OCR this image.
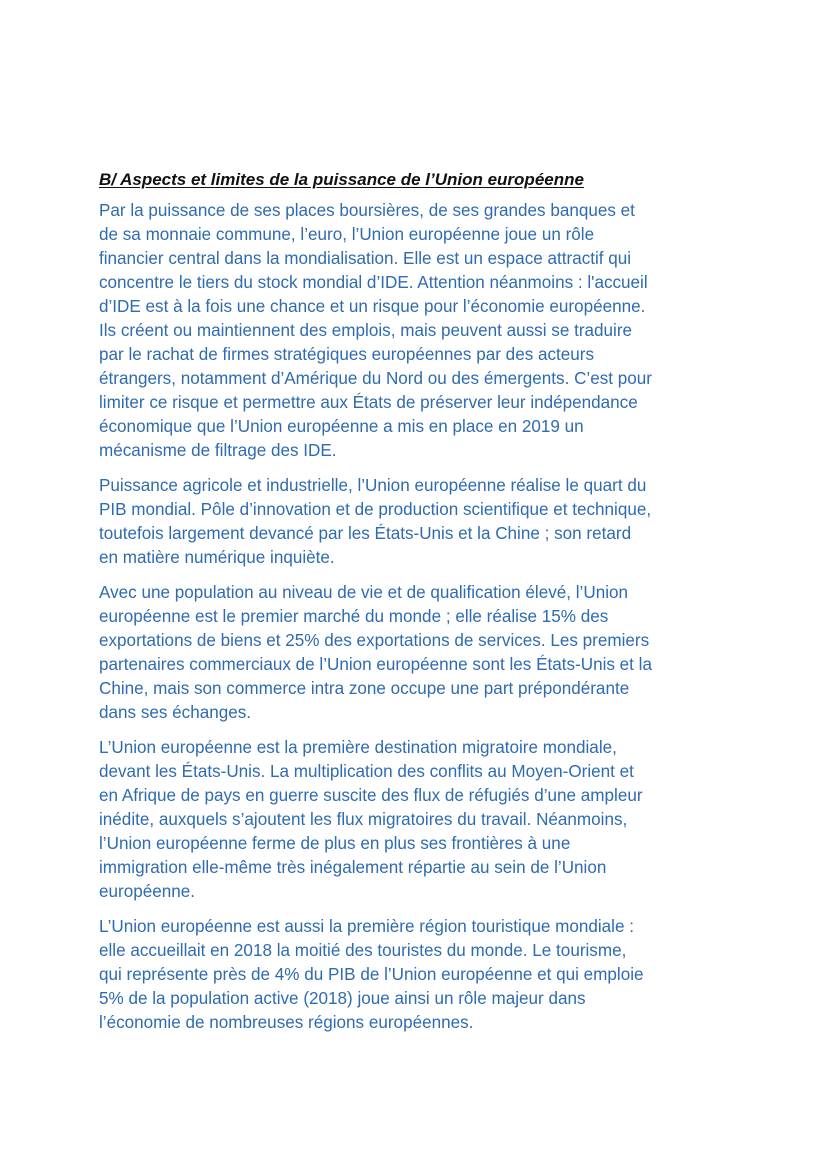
B/ Aspects et limites de la puissance de l’Union européenne

Par la puissance de ses places boursières, de ses grandes banques et
de sa monnaie commune, l’euro, l’Union européenne joue un rôle
financier central dans la mondialisation. Elle est un espace attractif qui
concentre le tiers du stock mondial d’IDE. Attention néanmoins : l'accueil
d’IDE est à la fois une chance et un risque pour l’économie européenne.
Ils créent ou maintiennent des emplois, mais peuvent aussi se traduire
par le rachat de firmes stratégiques européennes par des acteurs
étrangers, notamment d’Amérique du Nord ou des émergents. C’est pour
limiter ce risque et permettre aux États de préserver leur indépendance
économique que l’Union européenne a mis en place en 2019 un
mécanisme de filtrage des IDE.

Puissance agricole et industrielle, l’Union européenne réalise le quart du
PIB mondial. Pôle d’innovation et de production scientifique et technique,
toutefois largement devancé par les États-Unis et la Chine ; son retard
en matière numérique inquiète.

Avec une population au niveau de vie et de qualification élevé, l’Union
européenne est le premier marché du monde ; elle réalise 15% des
exportations de biens et 25% des exportations de services. Les premiers
partenaires commerciaux de l’Union européenne sont les États-Unis et la
Chine, mais son commerce intra zone occupe une part prépondérante
dans ses échanges.

L’Union européenne est la première destination migratoire mondiale,
devant les États-Unis. La multiplication des conflits au Moyen-Orient et
en Afrique de pays en guerre suscite des flux de réfugiés d’une ampleur
inédite, auxquels s’ajoutent les flux migratoires du travail. Néanmoins,
l’Union européenne ferme de plus en plus ses frontières à une
immigration elle-même très inégalement répartie au sein de l’Union
européenne.

L’Union européenne est aussi la première région touristique mondiale :
elle accueillait en 2018 la moitié des touristes du monde. Le tourisme,
qui représente près de 4% du PIB de l’Union européenne et qui emploie
5% de la population active (2018) joue ainsi un rôle majeur dans
l’économie de nombreuses régions européennes.
